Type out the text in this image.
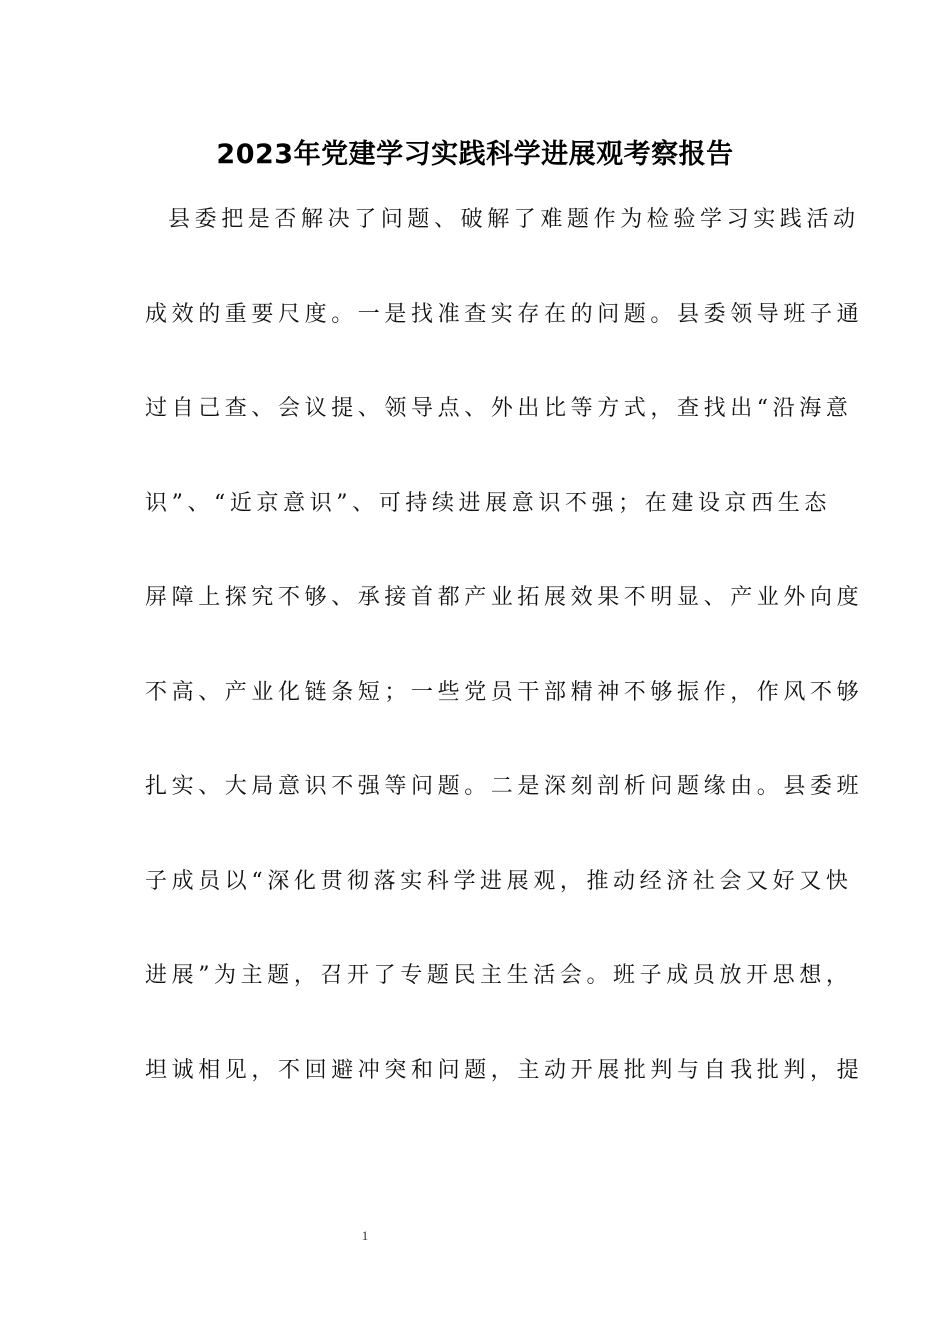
2023年党建学习实践科学进展观考察报告
县委把是否解决了问题、破解了难题作为检验学习实践活动
成效的重要尺度。一是找准查实存在的问题。县委领导班子通
过自己查、会议提、领导点、外出比等方式，查找出“沿海意
识”、“近京意识”、可持续进展意识不强；在建设京西生态
屏障上探究不够、承接首都产业拓展效果不明显、产业外向度
不高、产业化链条短；一些党员干部精神不够振作，作风不够
扎实、大局意识不强等问题。二是深刻剖析问题缘由。县委班
子成员以“深化贯彻落实科学进展观，推动经济社会又好又快
进展”为主题，召开了专题民主生活会。班子成员放开思想，
坦诚相见，不回避冲突和问题，主动开展批判与自我批判，提
1
